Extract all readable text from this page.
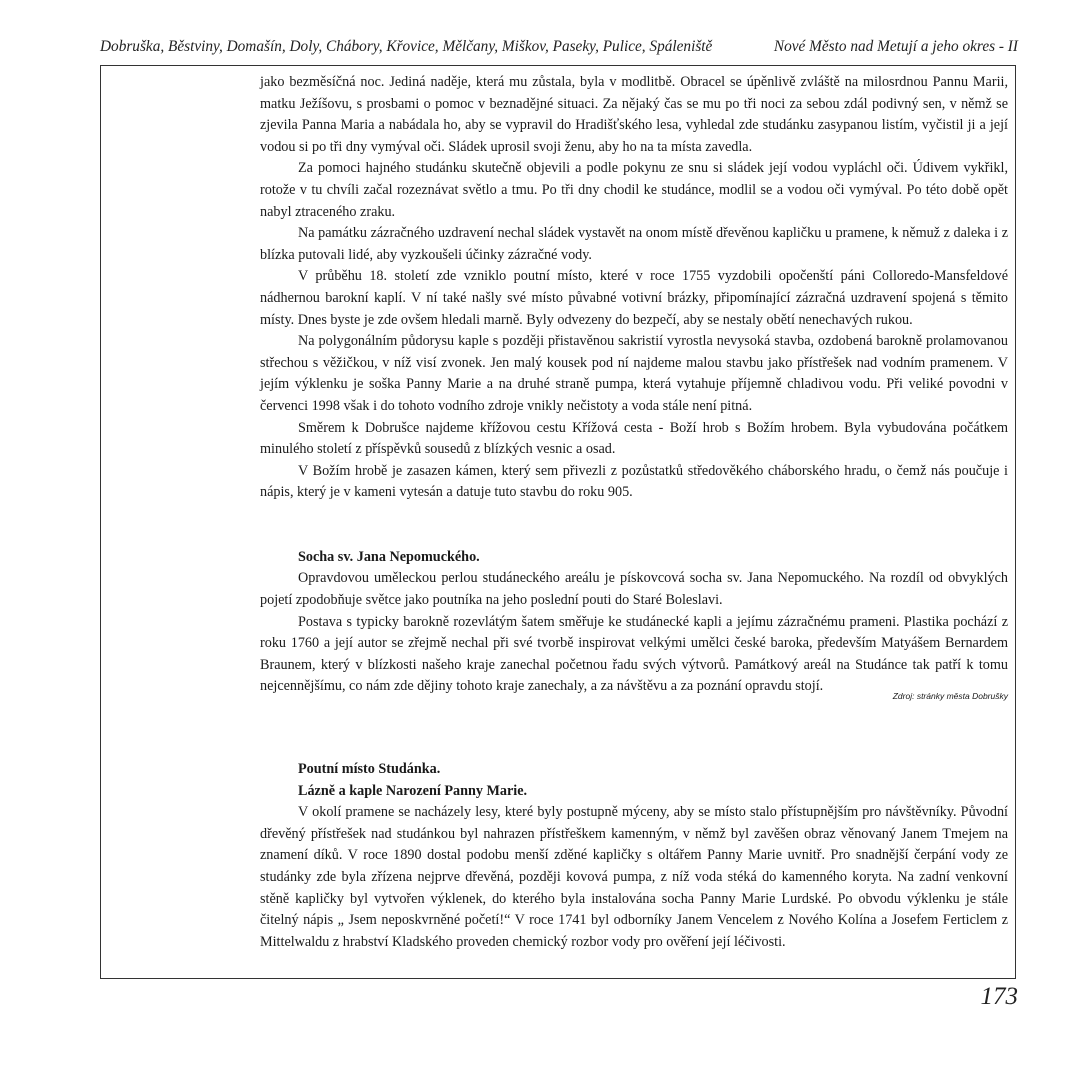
Dobruška, Běstviny, Domašín, Doly, Chábory, Křovice, Mělčany, Miškov, Paseky, Pulice, Spáleniště	Nové Město nad Metují a jeho okres - II

jako bezměsíčná noc. Jediná naděje, která mu zůstala, byla v modlitbě. Obracel se úpěnlivě zvláště na milosrdnou Pannu Marii, matku Ježíšovu, s prosbami o pomoc v beznadějné situaci. Za nějaký čas se mu po tři noci za sebou zdál podivný sen, v němž se zjevila Panna Maria a nabádala ho, aby se vypravil do Hradišťského lesa, vyhledal zde studánku zasypanou listím, vyčistil ji a její vodou si po tři dny vymýval oči. Sládek uprosil svoji ženu, aby ho na ta místa zavedla.

Za pomoci hajného studánku skutečně objevili a podle pokynu ze snu si sládek její vodou vypláchl oči. Údivem vykřikl, rotože v tu chvíli začal rozeznávat světlo a tmu. Po tři dny chodil ke studánce, modlil se a vodou oči vymýval. Po této době opět nabyl ztraceného zraku.

Na památku zázračného uzdravení nechal sládek vystavět na onom místě dřevěnou kapličku u pramene, k němuž z daleka i z blízka putovali lidé, aby vyzkoušeli účinky zázračné vody.

V průběhu 18. století zde vzniklo poutní místo, které v roce 1755 vyzdobili opočenští páni Colloredo-Mansfeldové nádhernou barokní kaplí. V ní také našly své místo půvabné votivní brázky, připomínající zázračná uzdravení spojená s těmito místy. Dnes byste je zde ovšem hledali marně. Byly odvezeny do bezpečí, aby se nestaly obětí nenechavých rukou.

Na polygonálním půdorysu kaple s později přistavěnou sakristií vyrostla nevysoká stavba, ozdobená barokně prolamovanou střechou s věžičkou, v níž visí zvonek. Jen malý kousek pod ní najdeme malou stavbu jako přístřešek nad vodním pramenem. V jejím výklenku je soška Panny Marie a na druhé straně pumpa, která vytahuje příjemně chladivou vodu. Při veliké povodni v červenci 1998 však i do tohoto vodního zdroje vnikly nečistoty a voda stále není pitná.

Směrem k Dobrušce najdeme křížovou cestu Křížová cesta - Boží hrob s Božím hrobem. Byla vybudována počátkem minulého století z příspěvků sousedů z blízkých vesnic a osad.

V Božím hrobě je zasazen kámen, který sem přivezli z pozůstatků středověkého cháborského hradu, o čemž nás poučuje i nápis, který je v kameni vytesán a datuje tuto stavbu do roku 905.

Socha sv. Jana Nepomuckého.

Opravdovou uměleckou perlou studáneckého areálu je pískovcová socha sv. Jana Nepomuckého. Na rozdíl od obvyklých pojetí zpodobňuje světce jako poutníka na jeho poslední pouti do Staré Boleslavi.

Postava s typicky barokně rozevlátým šatem směřuje ke studánecké kapli a jejímu zázračnému prameni. Plastika pochází z roku 1760 a její autor se zřejmě nechal při své tvorbě inspirovat velkými umělci české baroka, především Matyášem Bernardem Braunem, který v blízkosti našeho kraje zanechal početnou řadu svých výtvorů. Památkový areál na Studánce tak patří k tomu nejcennějšímu, co nám zde dějiny tohoto kraje zanechaly, a za návštěvu a za poznání opravdu stojí.

Zdroj: stránky města Dobrušky

Poutní místo Studánka.

Lázně a kaple Narození Panny Marie.

V okolí pramene se nacházely lesy, které byly postupně mýceny, aby se místo stalo přístupnějším pro návštěvníky. Původní dřevěný přístřešek nad studánkou byl nahrazen přístřeškem kamenným, v němž byl zavěšen obraz věnovaný Janem Tmejem na znamení díků. V roce 1890 dostal podobu menší zděné kapličky s oltářem Panny Marie uvnitř. Pro snadnější čerpání vody ze studánky zde byla zřízena nejprve dřevěná, později kovová pumpa, z níž voda stéká do kamenného koryta. Na zadní venkovní stěně kapličky byl vytvořen výklenek, do kterého byla instalována socha Panny Marie Lurdské. Po obvodu výklenku je stále čitelný nápis „ Jsem neposkvrněné početí!“ V roce 1741 byl odborníky Janem Vencelem z Nového Kolína a Josefem Ferticlem z Mittelwaldu z hrabství Kladského proveden chemický rozbor vody pro ověření její léčivosti.

173
